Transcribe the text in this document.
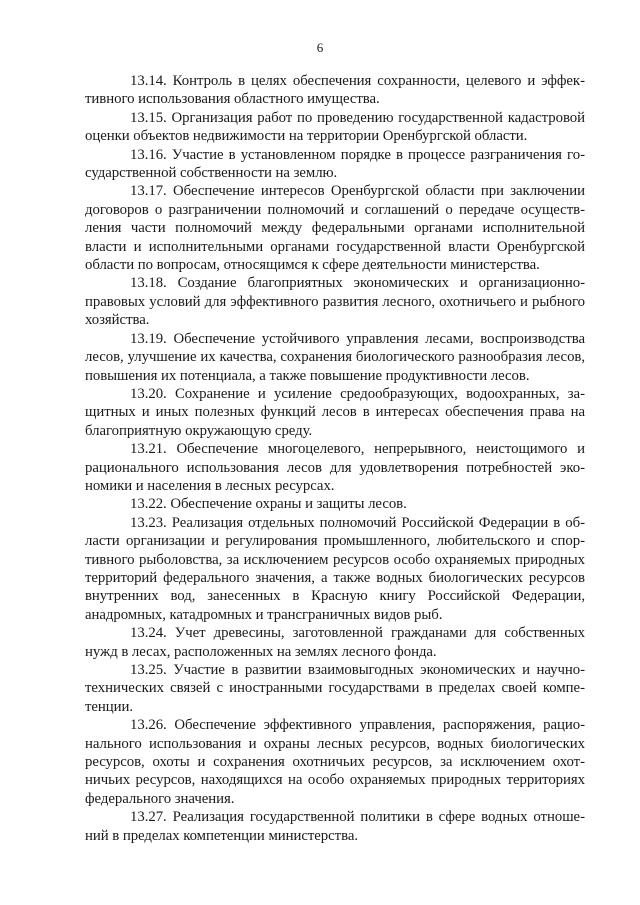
6

13.14. Контроль в целях обеспечения сохранности, целевого и эффективного использования областного имущества.

13.15. Организация работ по проведению государственной кадастровой оценки объектов недвижимости на территории Оренбургской области.

13.16. Участие в установленном порядке в процессе разграничения государственной собственности на землю.

13.17. Обеспечение интересов Оренбургской области при заключении договоров о разграничении полномочий и соглашений о передаче осуществления части полномочий между федеральными органами исполнительной власти и исполнительными органами государственной власти Оренбургской области по вопросам, относящимся к сфере деятельности министерства.

13.18. Создание благоприятных экономических и организационно-правовых условий для эффективного развития лесного, охотничьего и рыбного хозяйства.

13.19. Обеспечение устойчивого управления лесами, воспроизводства лесов, улучшение их качества, сохранения биологического разнообразия лесов, повышения их потенциала, а также повышение продуктивности лесов.

13.20. Сохранение и усиление средообразующих, водоохранных, защитных и иных полезных функций лесов в интересах обеспечения права на благоприятную окружающую среду.

13.21. Обеспечение многоцелевого, непрерывного, неистощимого и рационального использования лесов для удовлетворения потребностей экономики и населения в лесных ресурсах.

13.22. Обеспечение охраны и защиты лесов.

13.23. Реализация отдельных полномочий Российской Федерации в области организации и регулирования промышленного, любительского и спортивного рыболовства, за исключением ресурсов особо охраняемых природных территорий федерального значения, а также водных биологических ресурсов внутренних вод, занесенных в Красную книгу Российской Федерации, анадромных, катадромных и трансграничных видов рыб.

13.24. Учет древесины, заготовленной гражданами для собственных нужд в лесах, расположенных на землях лесного фонда.

13.25. Участие в развитии взаимовыгодных экономических и научно-технических связей с иностранными государствами в пределах своей компетенции.

13.26. Обеспечение эффективного управления, распоряжения, рационального использования и охраны лесных ресурсов, водных биологических ресурсов, охоты и сохранения охотничьих ресурсов, за исключением охотничьих ресурсов, находящихся на особо охраняемых природных территориях федерального значения.

13.27. Реализация государственной политики в сфере водных отношений в пределах компетенции министерства.
